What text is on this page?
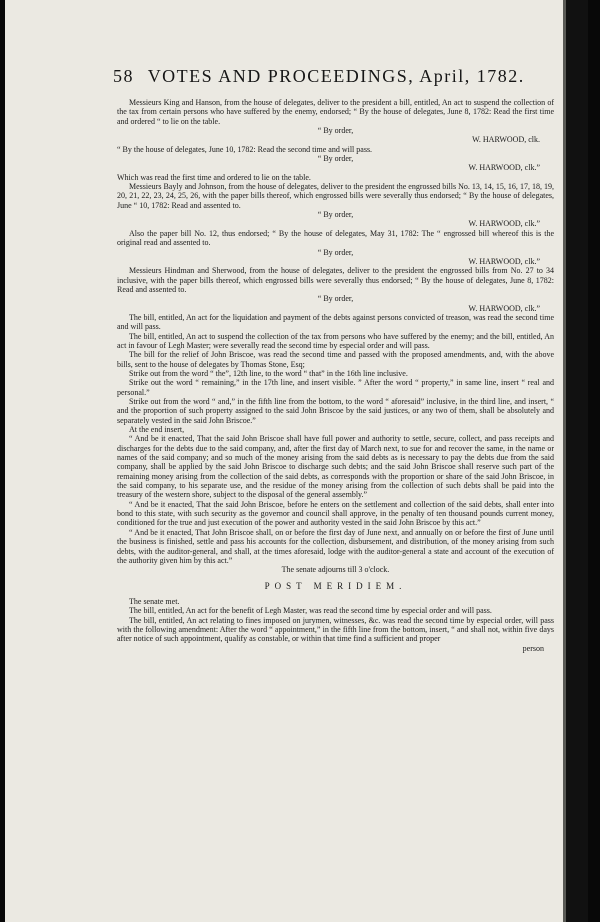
58 VOTES AND PROCEEDINGS, April, 1782.

Messieurs King and Hanson, from the house of delegates, deliver to the president a bill, entitled, An act to suspend the collection of the tax from certain persons who have suffered by the enemy, endorsed; “ By the house of delegates, June 8, 1782: Read the first time and ordered “ to lie on the table.

“ By order,

W. HARWOOD, clk.

“ By the house of delegates, June 10, 1782: Read the second time and will pass.

“ By order,

W. HARWOOD, clk.”

Which was read the first time and ordered to lie on the table.

Messieurs Bayly and Johnson, from the house of delegates, deliver to the president the engrossed bills No. 13, 14, 15, 16, 17, 18, 19, 20, 21, 22, 23, 24, 25, 26, with the paper bills thereof, which engrossed bills were severally thus endorsed; “ By the house of delegates, June “ 10, 1782: Read and assented to.

“ By order,

W. HARWOOD, clk.”

Also the paper bill No. 12, thus endorsed; “ By the house of delegates, May 31, 1782: The “ engrossed bill whereof this is the original read and assented to.

“ By order,

W. HARWOOD, clk.”

Messieurs Hindman and Sherwood, from the house of delegates, deliver to the president the engrossed bills from No. 27 to 34 inclusive, with the paper bills thereof, which engrossed bills were severally thus endorsed; “ By the house of delegates, June 8, 1782: Read and assented to.

“ By order,

W. HARWOOD, clk.”

The bill, entitled, An act for the liquidation and payment of the debts against persons convicted of treason, was read the second time and will pass.

The bill, entitled, An act to suspend the collection of the tax from persons who have suffered by the enemy; and the bill, entitled, An act in favour of Legh Master; were severally read the second time by especial order and will pass.

The bill for the relief of John Briscoe, was read the second time and passed with the proposed amendments, and, with the above bills, sent to the house of delegates by Thomas Stone, Esq;

Strike out from the word “ the”, 12th line, to the word “ that” in the 16th line inclusive.

Strike out the word “ remaining,” in the 17th line, and insert visible. ” After the word “ property,” in same line, insert “ real and personal.”

Strike out from the word “ and,” in the fifth line from the bottom, to the word “ aforesaid” inclusive, in the third line, and insert, “ and the proportion of such property assigned to the said John Briscoe by the said justices, or any two of them, shall be absolutely and separately vested in the said John Briscoe.”

At the end insert,

“ And be it enacted, That the said John Briscoe shall have full power and authority to settle, secure, collect, and pass receipts and discharges for the debts due to the said company, and, after the first day of March next, to sue for and recover the same, in the name or names of the said company; and so much of the money arising from the said debts as is necessary to pay the debts due from the said company, shall be applied by the said John Briscoe to discharge such debts; and the said John Briscoe shall reserve such part of the remaining money arising from the collection of the said debts, as corresponds with the proportion or share of the said John Briscoe, in the said company, to his separate use, and the residue of the money arising from the collection of such debts shall be paid into the treasury of the western shore, subject to the disposal of the general assembly.”

“ And be it enacted, That the said John Briscoe, before he enters on the settlement and collection of the said debts, shall enter into bond to this state, with such security as the governor and council shall approve, in the penalty of ten thousand pounds current money, conditioned for the true and just execution of the power and authority vested in the said John Briscoe by this act.”

“ And be it enacted, That John Briscoe shall, on or before the first day of June next, and annually on or before the first of June until the business is finished, settle and pass his accounts for the collection, disbursement, and distribution, of the money arising from such debts, with the auditor-general, and shall, at the times aforesaid, lodge with the auditor-general a state and account of the execution of the authority given him by this act.”

The senate adjourns till 3 o'clock.

POST MERIDIEM.

The senate met.

The bill, entitled, An act for the benefit of Legh Master, was read the second time by especial order and will pass.

The bill, entitled, An act relating to fines imposed on jurymen, witnesses, &c. was read the second time by especial order, will pass with the following amendment: After the word “ appointment,” in the fifth line from the bottom, insert, “ and shall not, within five days after notice of such appointment, qualify as constable, or within that time find a sufficient and proper

person
